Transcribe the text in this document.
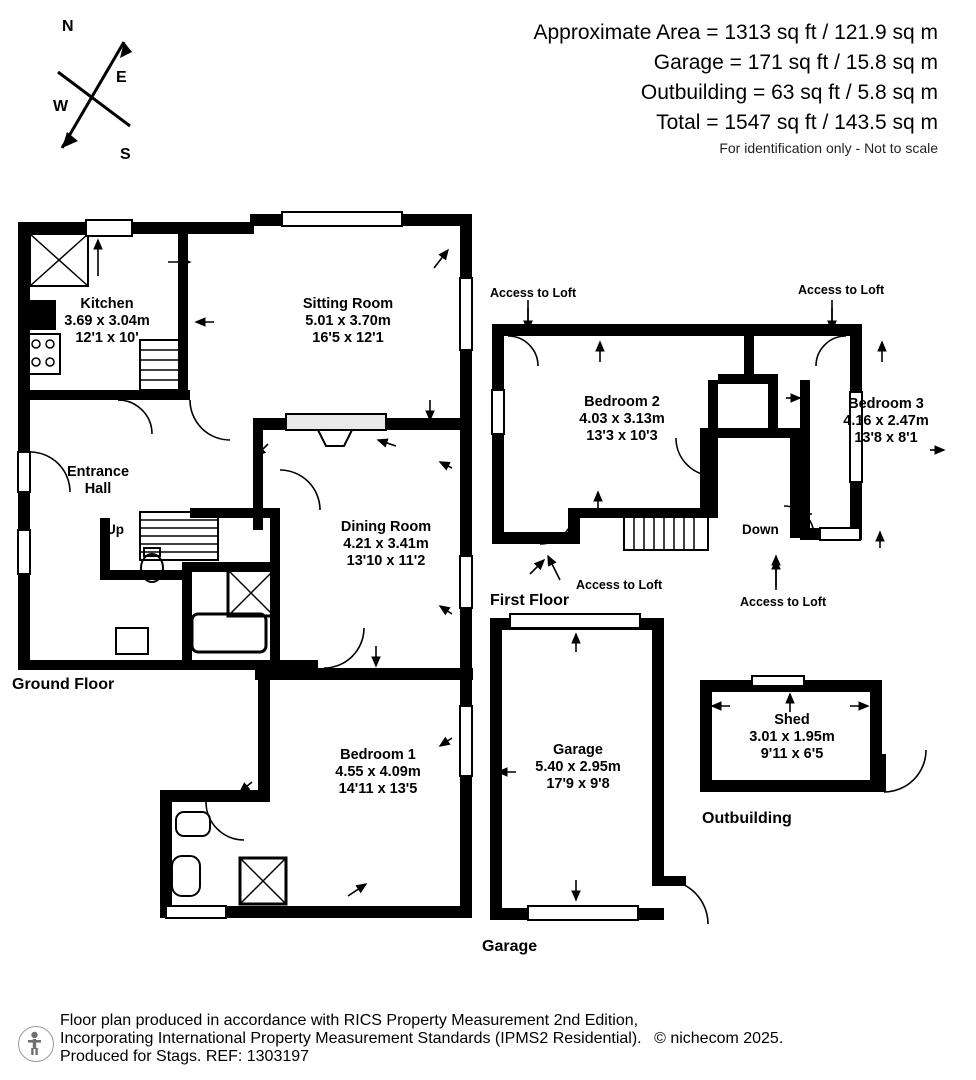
Approximate Area = 1313 sq ft / 121.9 sq m
Garage = 171 sq ft / 15.8 sq m
Outbuilding = 63 sq ft / 5.8 sq m
Total = 1547 sq ft / 143.5 sq m
For identification only - Not to scale
N
E
S
W
Kitchen
3.69 x 3.04m
12'1 x 10'
Sitting Room
5.01 x 3.70m
16'5 x 12'1
Entrance
Hall
Dining Room
4.21 x 3.41m
13'10 x 11'2
Bedroom 1
4.55 x 4.09m
14'11 x 13'5
Bedroom 2
4.03 x 3.13m
13'3 x 10'3
Bedroom 3
4.16 x 2.47m
13'8 x 8'1
Garage
5.40 x 2.95m
17'9 x 9'8
Shed
3.01 x 1.95m
9'11 x 6'5
Ground Floor
First Floor
Garage
Outbuilding
Up	Down
Access to Loft	Access to Loft
Access to Loft
Access to Loft
Floor plan produced in accordance with RICS Property Measurement 2nd Edition,
Incorporating International Property Measurement Standards (IPMS2 Residential). © nichecom 2025.
Produced for Stags. REF: 1303197
